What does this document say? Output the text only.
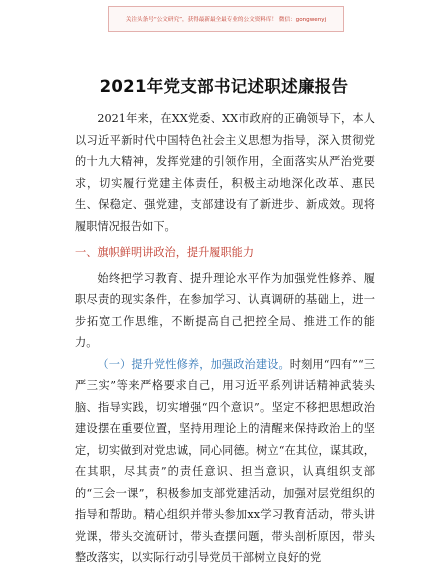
关注头条号“公文研究”，获得最新最全最专业的公文资料库！ 微信：gongwenyj
2021年党支部书记述职述廉报告

2021年来，在XX党委、XX市政府的正确领导下，本人以习近平新时代中国特色社会主义思想为指导，深入贯彻党的十九大精神，发挥党建的引领作用，全面落实从严治党要求，切实履行党建主体责任，积极主动地深化改革、惠民生、保稳定、强党建，支部建设有了新进步、新成效。现将履职情况报告如下。

一、旗帜鲜明讲政治，提升履职能力

始终把学习教育、提升理论水平作为加强党性修养、履职尽责的现实条件，在参加学习、认真调研的基础上，进一步拓宽工作思维，不断提高自己把控全局、推进工作的能力。

（一）提升党性修养，加强政治建设。时刻用“四有”“三严三实”等来严格要求自己，用习近平系列讲话精神武装头脑、指导实践，切实增强“四个意识”。坚定不移把思想政治建设摆在重要位置，坚持用理论上的清醒来保持政治上的坚定，切实做到对党忠诚，同心同德。树立“在其位，谋其政，在其职，尽其责”的责任意识、担当意识，认真组织支部的“三会一课”，积极参加支部党建活动，加强对层党组织的指导和帮助。精心组织并带头参加xx学习教育活动，带头讲党课，带头交流研讨，带头查摆问题，带头剖析原因，带头整改落实，以实际行动引导党员干部树立良好的党
